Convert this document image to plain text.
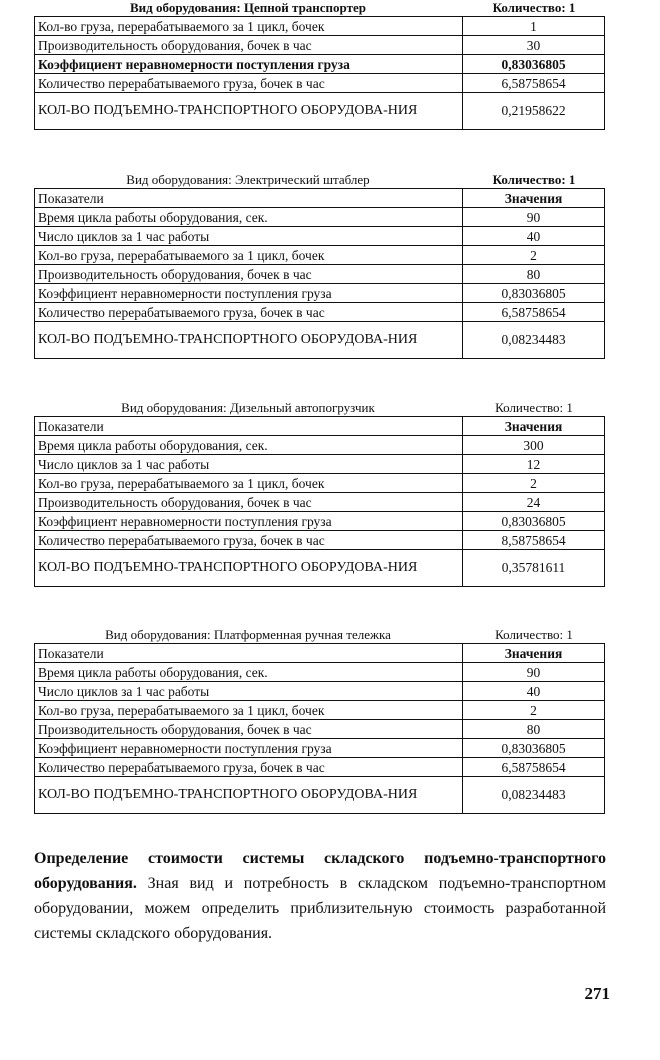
Вид оборудования: Цепной транспортер	Количество: 1
Кол-во груза, перерабатываемого за 1 цикл, бочек	1
Производительность оборудования, бочек в час	30
Коэффициент неравномерности поступления груза	0,83036805
Количество перерабатываемого груза, бочек в час	6,58758654
КОЛ-ВО ПОДЪЕМНО-ТРАНСПОРТНОГО ОБОРУДОВА-НИЯ	0,21958622
Вид оборудования: Электрический штаблер	Количество: 1
Показатели	Значения
Время цикла работы оборудования, сек.	90
Число циклов за 1 час работы	40
Кол-во груза, перерабатываемого за 1 цикл, бочек	2
Производительность оборудования, бочек в час	80
Коэффициент неравномерности поступления груза	0,83036805
Количество перерабатываемого груза, бочек в час	6,58758654
КОЛ-ВО ПОДЪЕМНО-ТРАНСПОРТНОГО ОБОРУДОВА-НИЯ	0,08234483
Вид оборудования: Дизельный автопогрузчик	Количество: 1
Показатели	Значения
Время цикла работы оборудования, сек.	300
Число циклов за 1 час работы	12
Кол-во груза, перерабатываемого за 1 цикл, бочек	2
Производительность оборудования, бочек в час	24
Коэффициент неравномерности поступления груза	0,83036805
Количество перерабатываемого груза, бочек в час	8,58758654
КОЛ-ВО ПОДЪЕМНО-ТРАНСПОРТНОГО ОБОРУДОВА-НИЯ	0,35781611
Вид оборудования: Платформенная ручная тележка	Количество: 1
Показатели	Значения
Время цикла работы оборудования, сек.	90
Число циклов за 1 час работы	40
Кол-во груза, перерабатываемого за 1 цикл, бочек	2
Производительность оборудования, бочек в час	80
Коэффициент неравномерности поступления груза	0,83036805
Количество перерабатываемого груза, бочек в час	6,58758654
КОЛ-ВО ПОДЪЕМНО-ТРАНСПОРТНОГО ОБОРУДОВА-НИЯ	0,08234483
Определение стоимости системы складского подъемно-транспортного оборудования. Зная вид и потребность в складском подъемно-транспортном оборудовании, можем определить приблизительную стоимость разработанной системы складского оборудования.
271
